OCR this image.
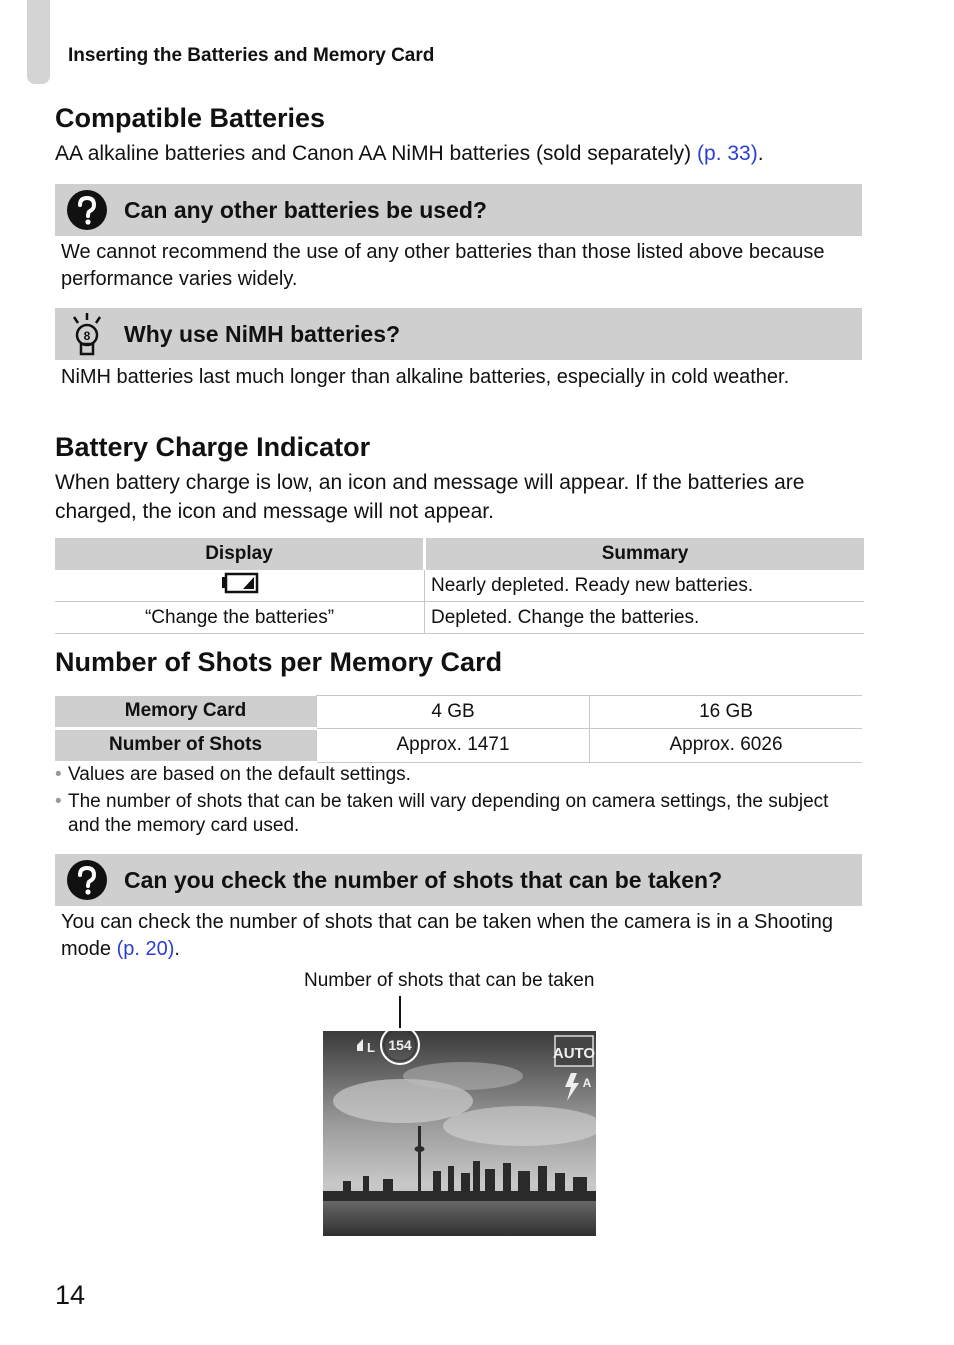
Inserting the Batteries and Memory Card
Compatible Batteries
AA alkaline batteries and Canon AA NiMH batteries (sold separately) (p. 33).
Can any other batteries be used?
We cannot recommend the use of any other batteries than those listed above because performance varies widely.
8 Why use NiMH batteries?
NiMH batteries last much longer than alkaline batteries, especially in cold weather.
Battery Charge Indicator
When battery charge is low, an icon and message will appear. If the batteries are charged, the icon and message will not appear.
Display	Summary
	Nearly depleted. Ready new batteries.
“Change the batteries”	Depleted. Change the batteries.
Number of Shots per Memory Card
Memory Card	4 GB	16 GB
Number of Shots	Approx. 1471	Approx. 6026
• Values are based on the default settings.
• The number of shots that can be taken will vary depending on camera settings, the subject and the memory card used.
Can you check the number of shots that can be taken?
You can check the number of shots that can be taken when the camera is in a Shooting mode (p. 20).
Number of shots that can be taken
L 154	AUTO
A
14
